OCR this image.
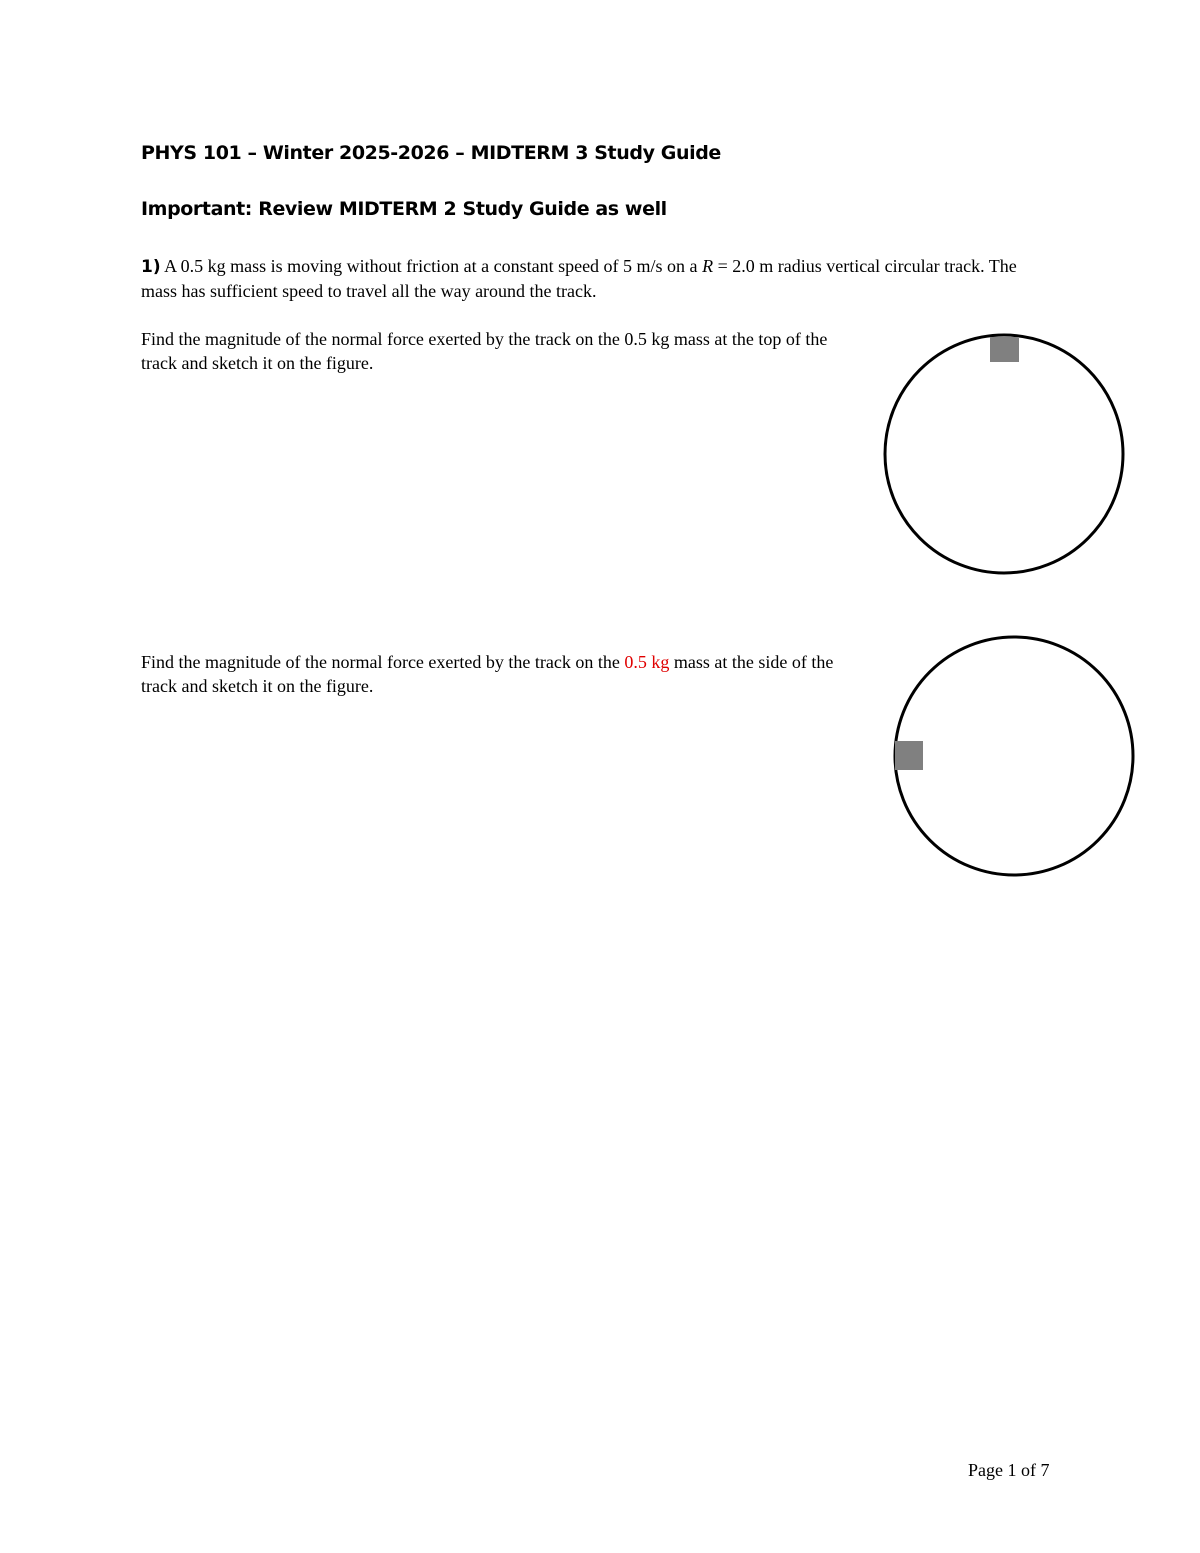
PHYS 101 – Winter 2025-2026 – MIDTERM 3 Study Guide
Important: Review MIDTERM 2 Study Guide as well
1) A 0.5 kg mass is moving without friction at a constant speed of 5 m/s on a R = 2.0 m radius vertical circular track. The mass has sufficient speed to travel all the way around the track.
Find the magnitude of the normal force exerted by the track on the 0.5 kg mass at the top of the track and sketch it on the figure.
Find the magnitude of the normal force exerted by the track on the 0.5 kg mass at the side of the track and sketch it on the figure.
Page 1 of 7
